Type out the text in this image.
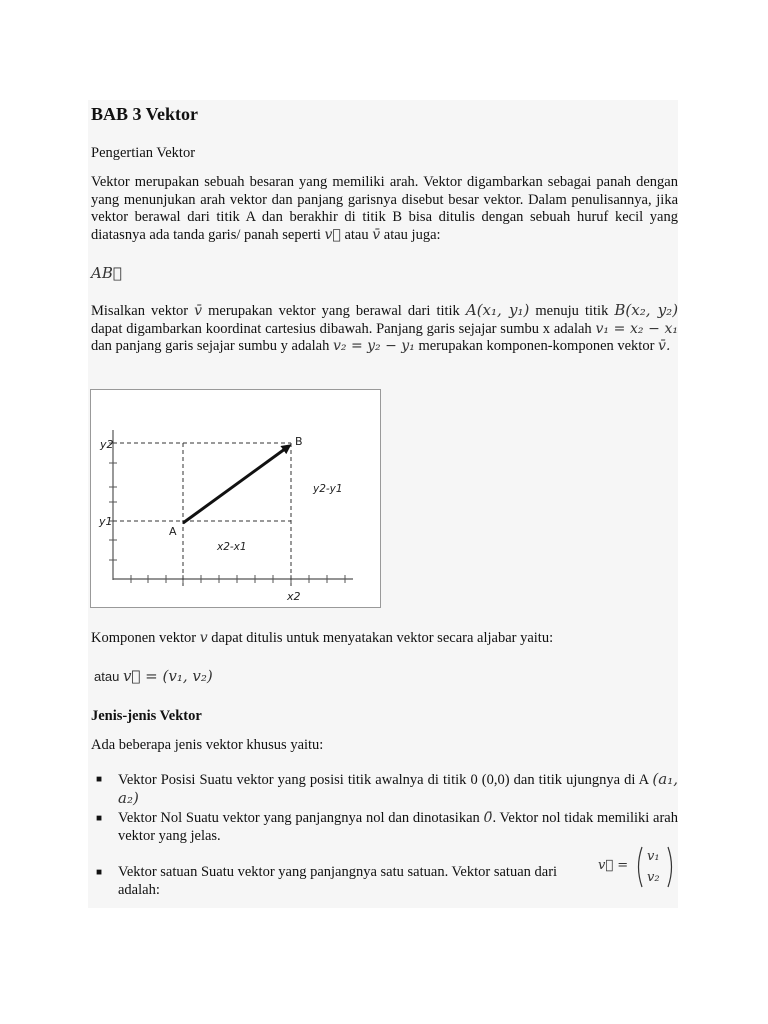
BAB 3 Vektor
Pengertian Vektor
Vektor merupakan sebuah besaran yang memiliki arah. Vektor digambarkan sebagai panah dengan yang menunjukan arah vektor dan panjang garisnya disebut besar vektor. Dalam penulisannya, jika vektor berawal dari titik A dan berakhir di titik B bisa ditulis dengan sebuah huruf kecil yang diatasnya ada tanda garis/ panah seperti v⃗ atau v̄ atau juga:
AB⃗
Misalkan vektor v̄ merupakan vektor yang berawal dari titik A(x₁, y₁) menuju titik B(x₂, y₂) dapat digambarkan koordinat cartesius dibawah. Panjang garis sejajar sumbu x adalah v₁ = x₂ − x₁ dan panjang garis sejajar sumbu y adalah v₂ = y₂ − y₁ merupakan komponen-komponen vektor v̄.
y2
y1
A
B
y2-y1
x2-x1
x2
Komponen vektor v dapat ditulis untuk menyatakan vektor secara aljabar yaitu:
atau v⃗ = (v₁, v₂)
Jenis-jenis Vektor
Ada beberapa jenis vektor khusus yaitu:
■ Vektor Posisi Suatu vektor yang posisi titik awalnya di titik 0 (0,0) dan titik ujungnya di A (a₁, a₂)
■ Vektor Nol Suatu vektor yang panjangnya nol dan dinotasikan 0̄. Vektor nol tidak memiliki arah vektor yang jelas.
■ Vektor satuan Suatu vektor yang panjangnya satu satuan. Vektor satuan dari
adalah:
v⃗ =
v₁
v₂
